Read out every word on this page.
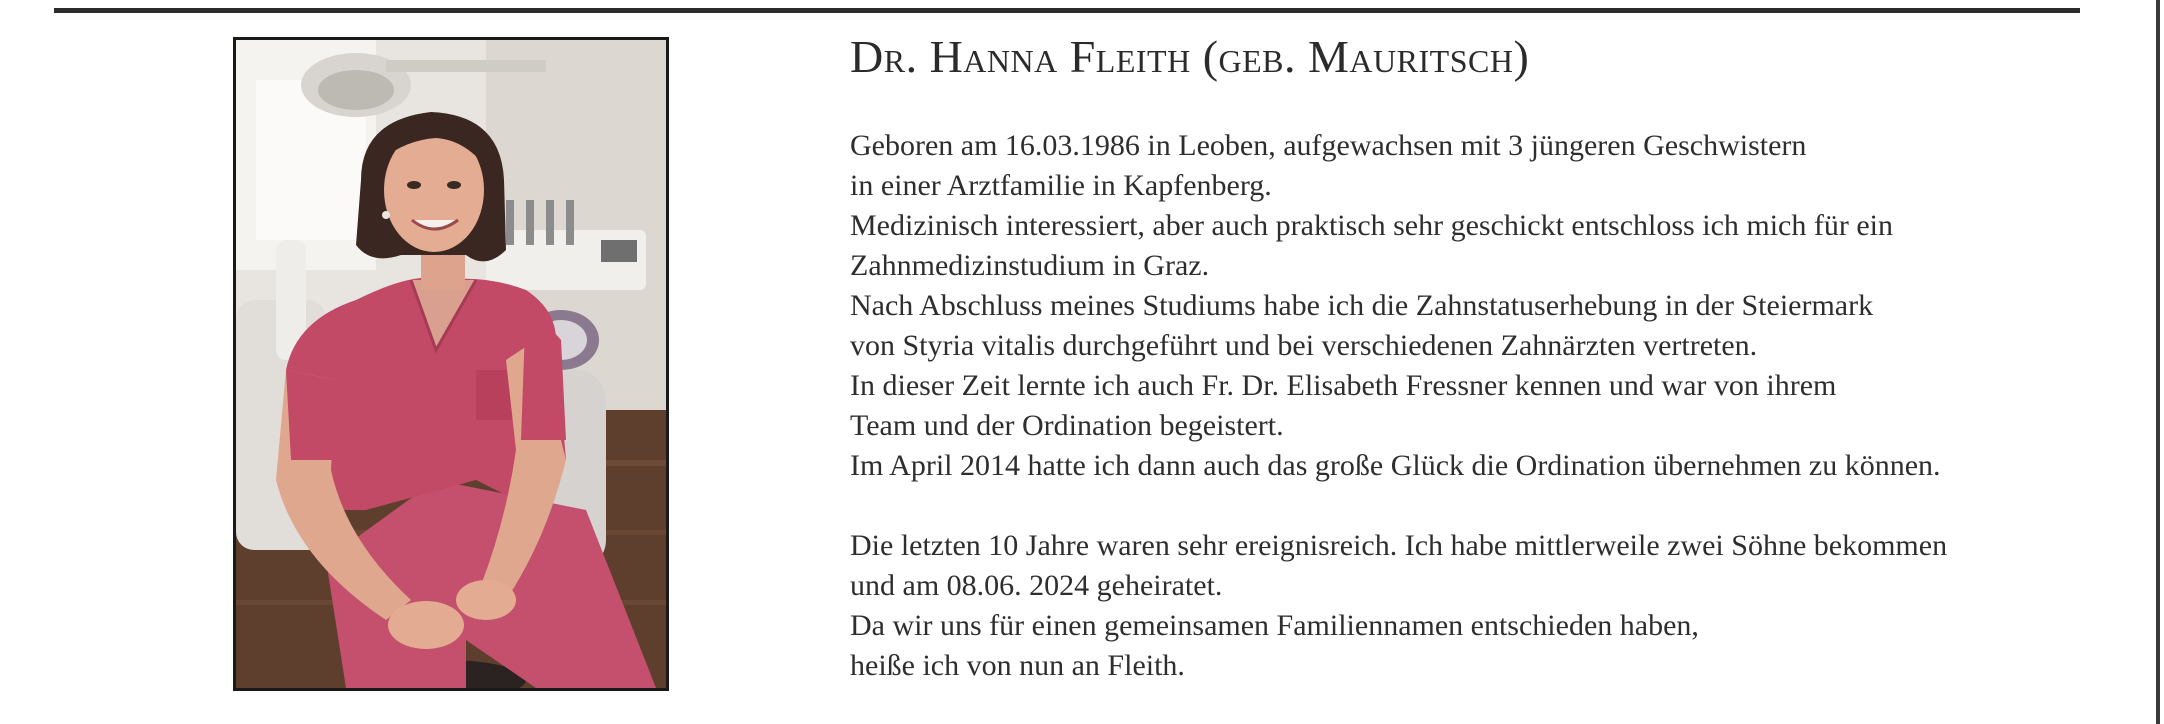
Dr. Hanna Fleith (geb. Mauritsch)
Geboren am 16.03.1986 in Leoben, aufgewachsen mit 3 jüngeren Geschwistern
in einer Arztfamilie in Kapfenberg.
Medizinisch interessiert, aber auch praktisch sehr geschickt entschloss ich mich für ein
Zahnmedizinstudium in Graz.
Nach Abschluss meines Studiums habe ich die Zahnstatuserhebung in der Steiermark
von Styria vitalis durchgeführt und bei verschiedenen Zahnärzten vertreten.
In dieser Zeit lernte ich auch Fr. Dr. Elisabeth Fressner kennen und war von ihrem
Team und der Ordination begeistert.
Im April 2014 hatte ich dann auch das große Glück die Ordination übernehmen zu können.
Die letzten 10 Jahre waren sehr ereignisreich. Ich habe mittlerweile zwei Söhne bekommen
und am 08.06. 2024 geheiratet.
Da wir uns für einen gemeinsamen Familiennamen entschieden haben,
heiße ich von nun an Fleith.
